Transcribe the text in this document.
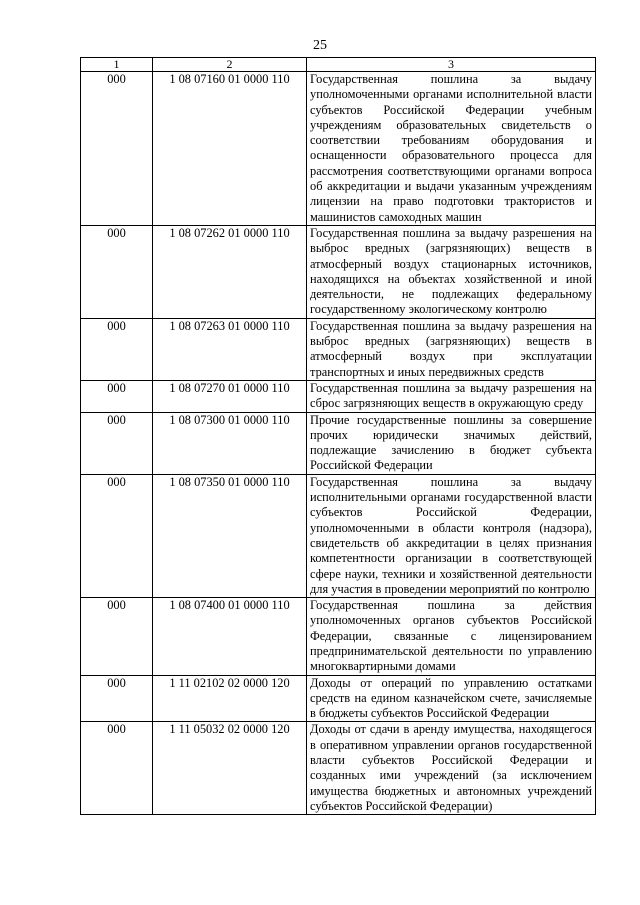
25
1	2	3
000	1 08 07160 01 0000 110	Государственная пошлина за выдачу уполномоченными органами исполнительной власти субъектов Российской Федерации учебным учреждениям образовательных свидетельств о соответствии требованиям оборудования и оснащенности образовательного процесса для рассмотрения соответствующими органами вопроса об аккредитации и выдачи указанным учреждениям лицензии на право подготовки трактористов и машинистов самоходных машин
000	1 08 07262 01 0000 110	Государственная пошлина за выдачу разрешения на выброс вредных (загрязняющих) веществ в атмосферный воздух стационарных источников, находящихся на объектах хозяйственной и иной деятельности, не подлежащих федеральному государственному экологическому контролю
000	1 08 07263 01 0000 110	Государственная пошлина за выдачу разрешения на выброс вредных (загрязняющих) веществ в атмосферный воздух при эксплуатации транспортных и иных передвижных средств
000	1 08 07270 01 0000 110	Государственная пошлина за выдачу разрешения на сброс загрязняющих веществ в окружающую среду
000	1 08 07300 01 0000 110	Прочие государственные пошлины за совершение прочих юридически значимых действий, подлежащие зачислению в бюджет субъекта Российской Федерации
000	1 08 07350 01 0000 110	Государственная пошлина за выдачу исполнительными органами государственной власти субъектов Российской Федерации, уполномоченными в области контроля (надзора), свидетельств об аккредитации в целях признания компетентности организации в соответствующей сфере науки, техники и хозяйственной деятельности для участия в проведении мероприятий по контролю
000	1 08 07400 01 0000 110	Государственная пошлина за действия уполномоченных органов субъектов Российской Федерации, связанные с лицензированием предпринимательской деятельности по управлению многоквартирными домами
000	1 11 02102 02 0000 120	Доходы от операций по управлению остатками средств на едином казначейском счете, зачисляемые в бюджеты субъектов Российской Федерации
000	1 11 05032 02 0000 120	Доходы от сдачи в аренду имущества, находящегося в оперативном управлении органов государственной власти субъектов Российской Федерации и созданных ими учреждений (за исключением имущества бюджетных и автономных учреждений субъектов Российской Федерации)
